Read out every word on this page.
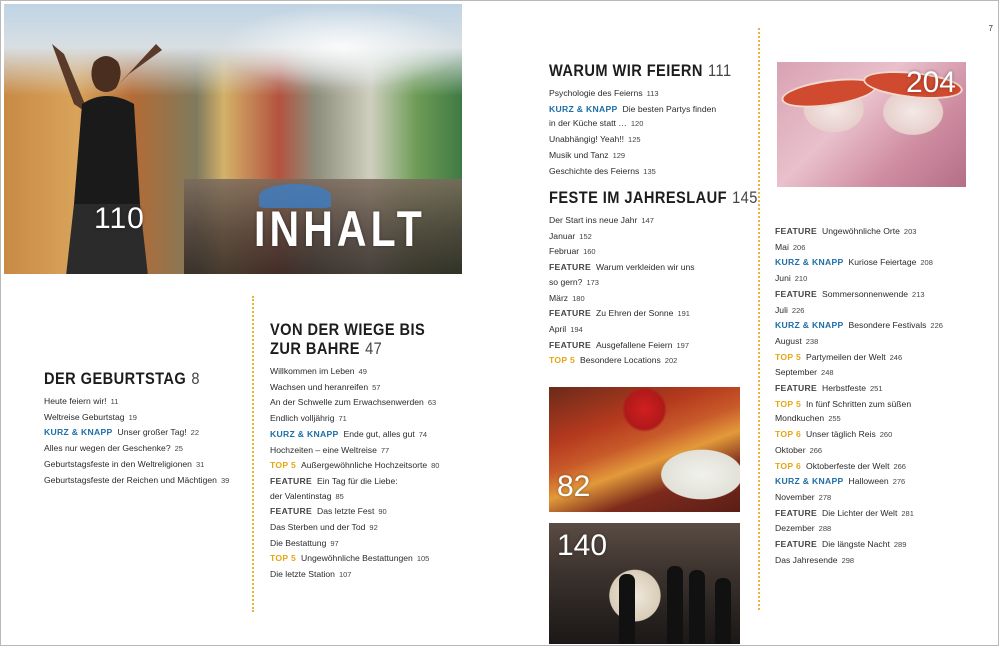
110 INHALT
7
204
82
140
DER GEBURTSTAG 8
Heute feiern wir! 11
Weltreise Geburtstag 19
KURZ & KNAPP Unser großer Tag! 22
Alles nur wegen der Geschenke? 25
Geburtstagsfeste in den Weltreligionen 31
Geburtstagsfeste der Reichen und Mächtigen 39
VON DER WIEGE BIS
ZUR BAHRE 47
Willkommen im Leben 49
Wachsen und heranreifen 57
An der Schwelle zum Erwachsenwerden 63
Endlich volljährig 71
KURZ & KNAPP Ende gut, alles gut 74
Hochzeiten – eine Weltreise 77
TOP 5 Außergewöhnliche Hochzeitsorte 80
FEATURE Ein Tag für die Liebe:
der Valentinstag 85
FEATURE Das letzte Fest 90
Das Sterben und der Tod 92
Die Bestattung 97
TOP 5 Ungewöhnliche Bestattungen 105
Die letzte Station 107
WARUM WIR FEIERN 111
Psychologie des Feierns 113
KURZ & KNAPP Die besten Partys finden
in der Küche statt … 120
Unabhängig! Yeah!! 125
Musik und Tanz 129
Geschichte des Feierns 135
FESTE IM JAHRESLAUF 145
Der Start ins neue Jahr 147
Januar 152
Februar 160
FEATURE Warum verkleiden wir uns
so gern? 173
März 180
FEATURE Zu Ehren der Sonne 191
April 194
FEATURE Ausgefallene Feiern 197
TOP 5 Besondere Locations 202
FEATURE Ungewöhnliche Orte 203
Mai 206
KURZ & KNAPP Kuriose Feiertage 208
Juni 210
FEATURE Sommersonnenwende 213
Juli 226
KURZ & KNAPP Besondere Festivals 226
August 238
TOP 5 Partymeilen der Welt 246
September 248
FEATURE Herbstfeste 251
TOP 5 In fünf Schritten zum süßen
Mondkuchen 255
TOP 6 Unser täglich Reis 260
Oktober 266
TOP 6 Oktoberfeste der Welt 266
KURZ & KNAPP Halloween 276
November 278
FEATURE Die Lichter der Welt 281
Dezember 288
FEATURE Die längste Nacht 289
Das Jahresende 298
